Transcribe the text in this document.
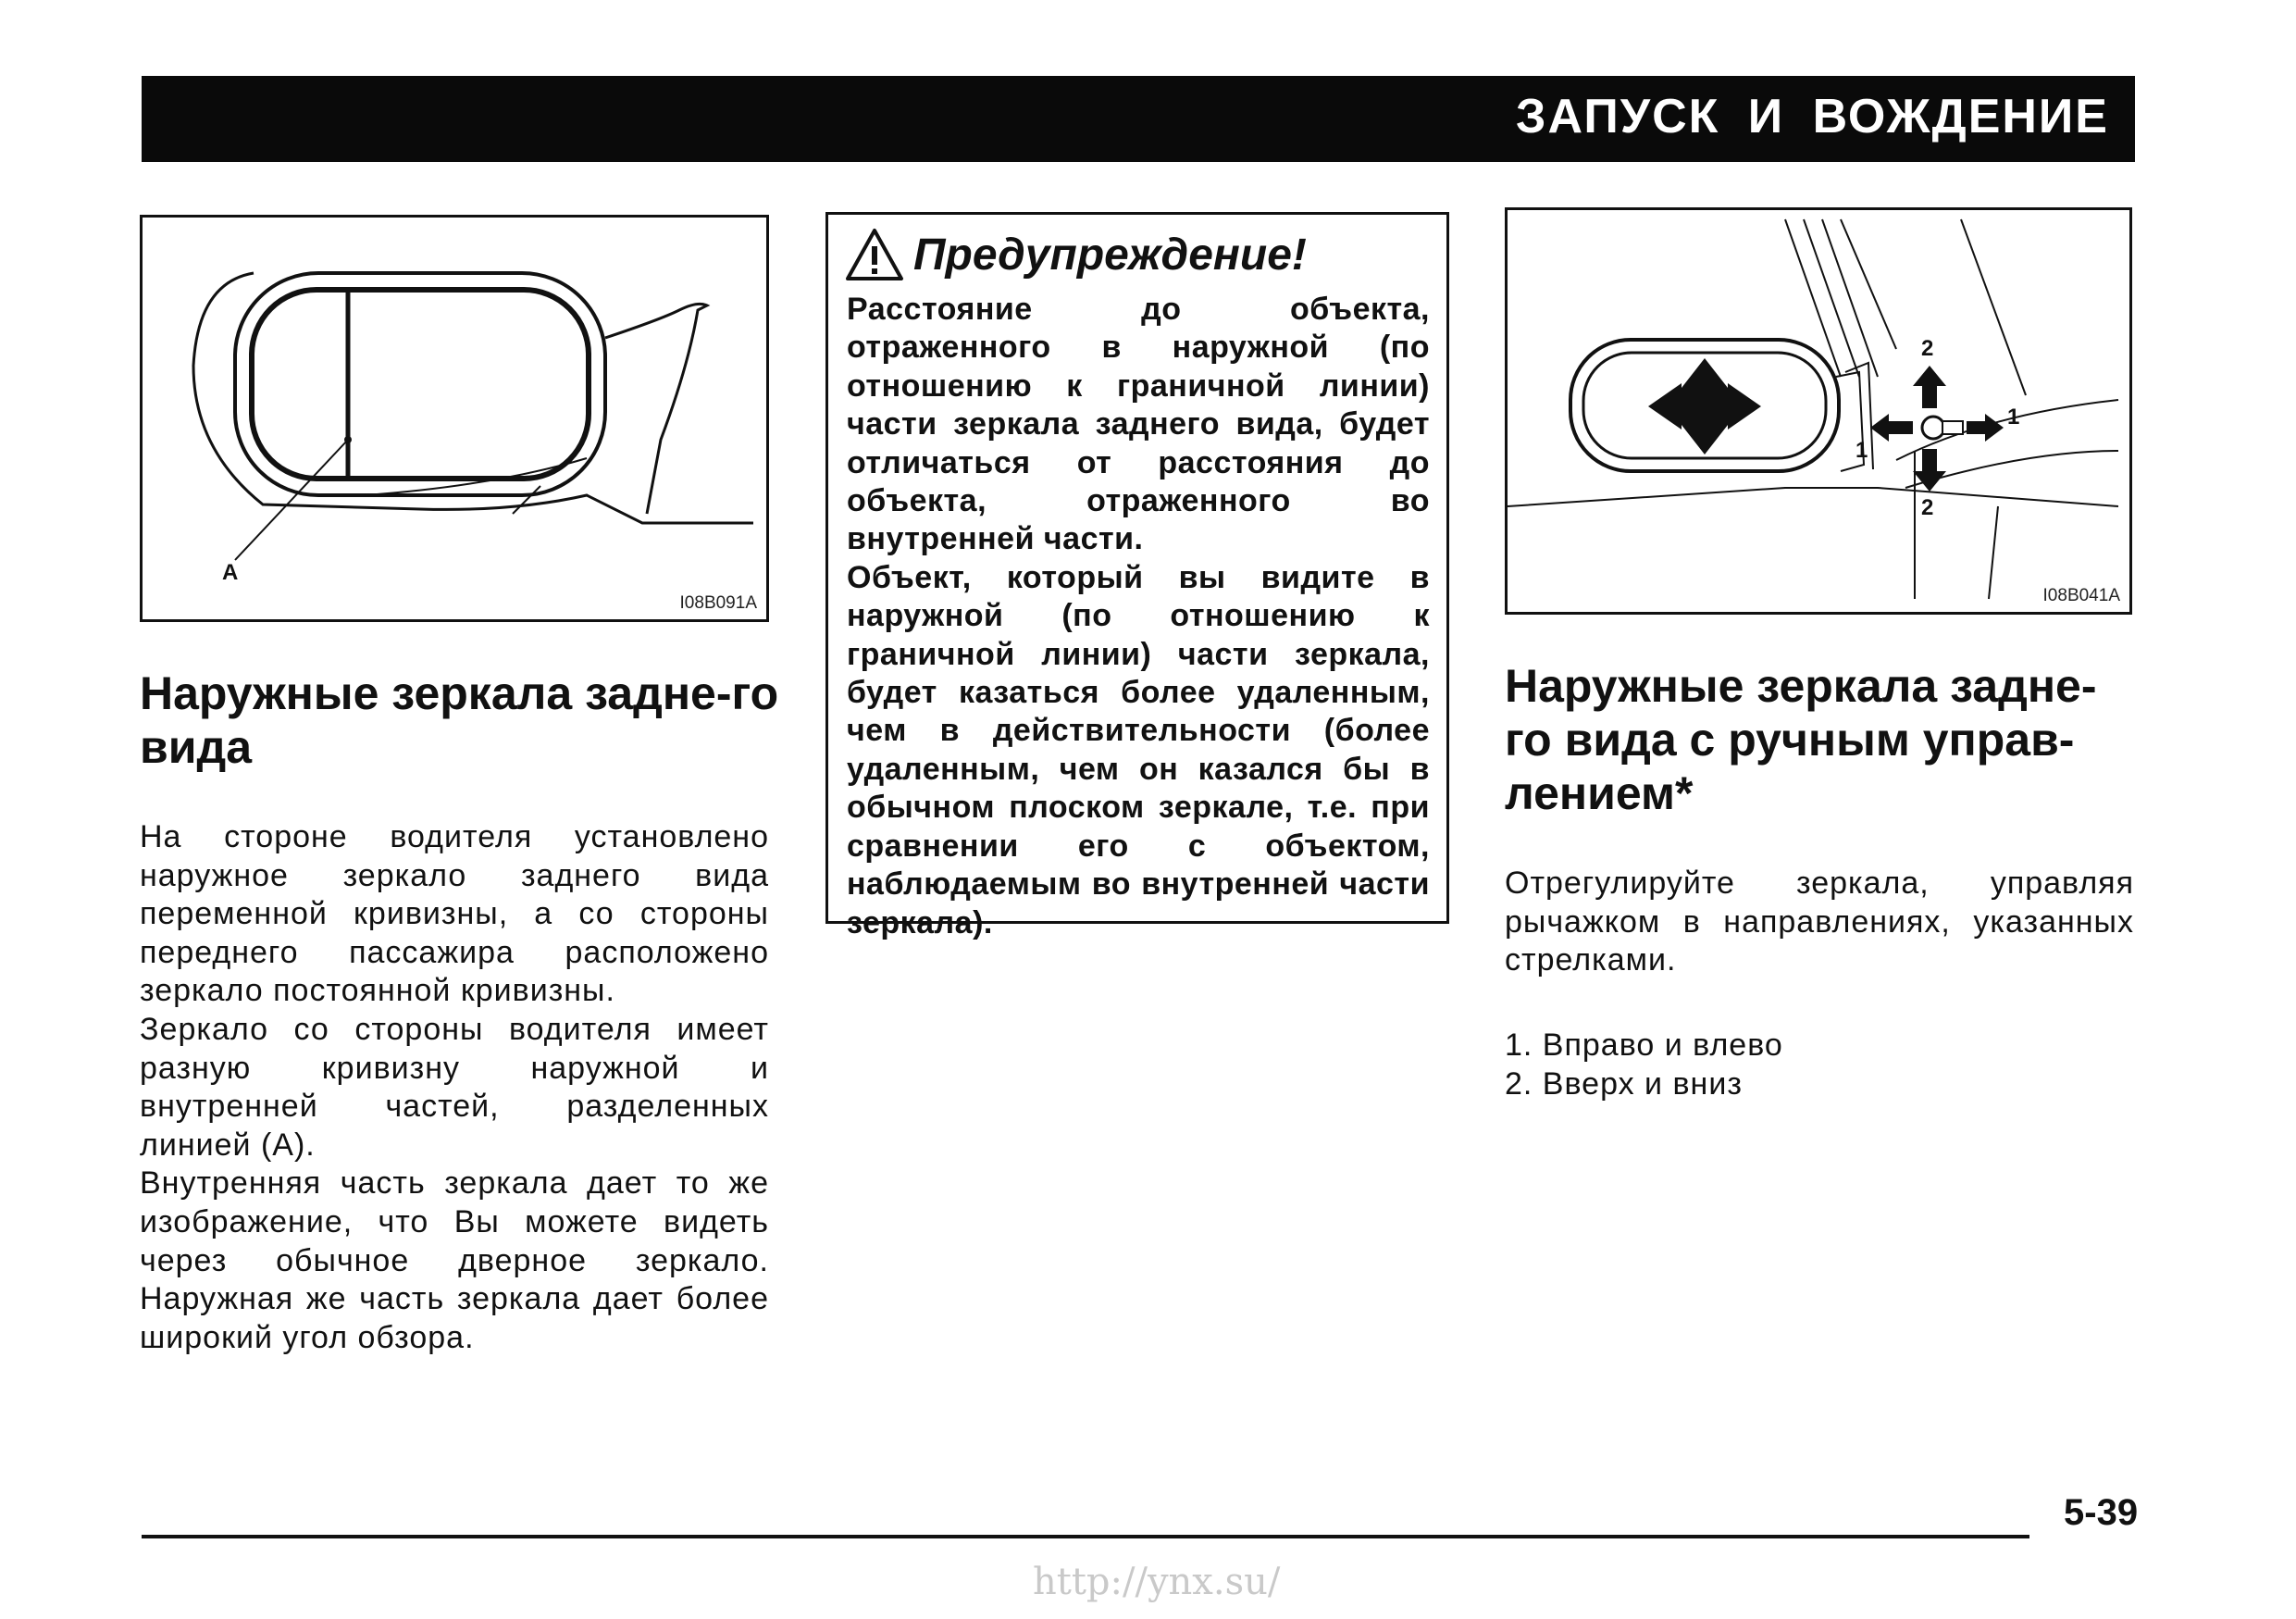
ЗАПУСК И ВОЖДЕНИЕ
A
I08B091A
Наружные зеркала задне-го вида

На стороне водителя установлено наружное зеркало заднего вида переменной кривизны, а со стороны переднего пассажира расположено зеркало постоянной кривизны.

Зеркало со стороны водителя имеет разную кривизну наружной и внутренней частей, разделенных линией (A).

Внутренняя часть зеркала дает то же изображение, что Вы можете видеть через обычное дверное зеркало. Наружная же часть зеркала дает более широкий угол обзора.

Предупреждение!

Расстояние до объекта, отраженного в наружной (по отношению к граничной линии) части зеркала заднего вида, будет отличаться от расстояния до объекта, отраженного во внутренней части.

Объект, который вы видите в наружной (по отношению к граничной линии) части зеркала, будет казаться более удаленным, чем в действительности (более удаленным, чем он казался бы в обычном плоском зеркале, т.е. при сравнении его с объектом, наблюдаемым во внутренней части зеркала).

2
2
1
1
I08B041A
Наружные зеркала задне-го вида с ручным управ-лением*

Отрегулируйте зеркала, управляя рычажком в направлениях, указанных стрелками.

1. Вправо и влево
2. Вверх и вниз
5-39
http://ynx.su/
